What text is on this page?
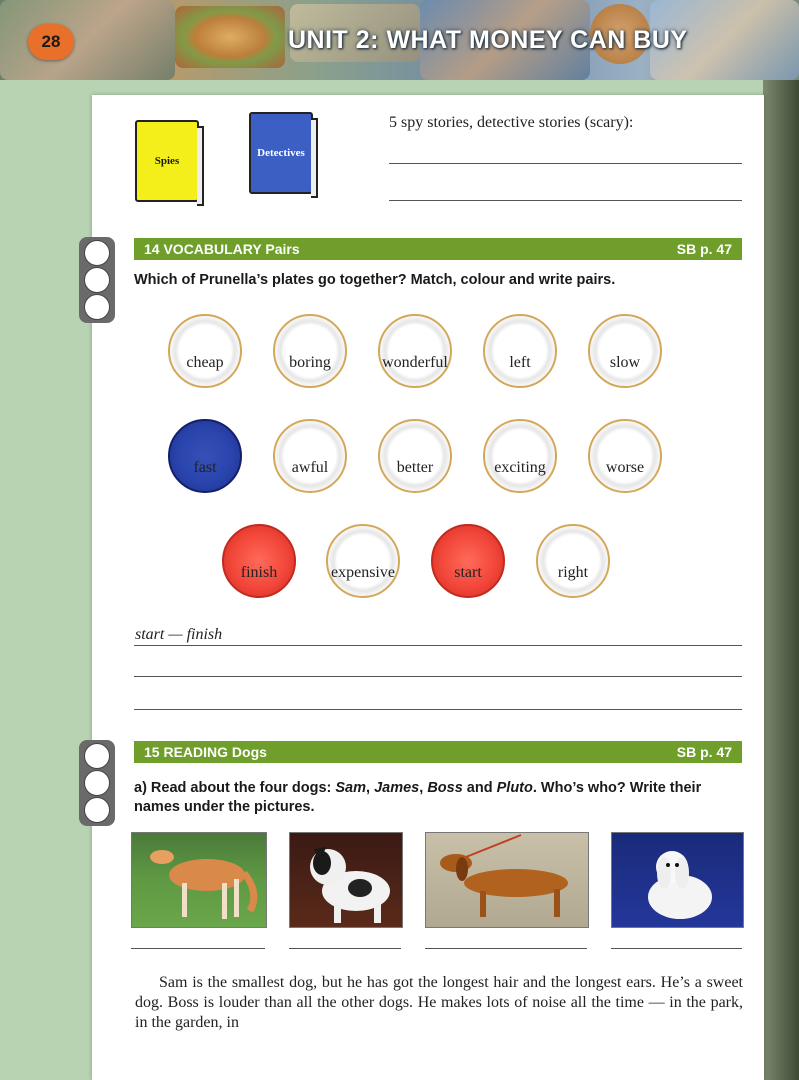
28	UNIT 2: WHAT MONEY CAN BUY
Spies
Detectives
5 spy stories, detective stories (scary):
14 VOCABULARY Pairs	SB p. 47
Which of Prunella’s plates go together? Match, colour and write pairs.
cheap	boring	wonderful	left	slow
fast	awful	better	exciting	worse
finish	expensive	start	right
start — finish
15 READING Dogs	SB p. 47
a) Read about the four dogs: Sam, James, Boss and Pluto. Who’s who? Write their names under the pictures.

Sam is the smallest dog, but he has got the longest hair and the longest ears. He’s a sweet dog. Boss is louder than all the other dogs. He makes lots of noise all the time — in the park, in the garden, in
